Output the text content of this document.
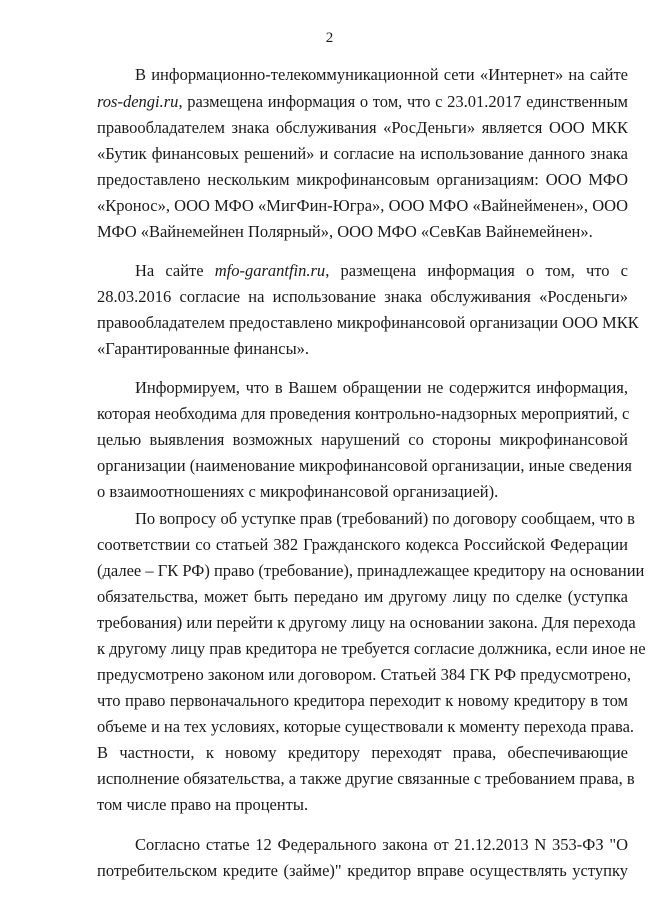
2
В информационно-телекоммуникационной сети «Интернет» на сайте
ros-dengi.ru, размещена информация о том, что с 23.01.2017 единственным
правообладателем знака обслуживания «РосДеньги» является ООО МКК
«Бутик финансовых решений» и согласие на использование данного знака
предоставлено нескольким микрофинансовым организациям: ООО МФО
«Кронос», ООО МФО «МигФин-Югра», ООО МФО «Вайнейменен», ООО
МФО «Вайнемейнен Полярный», ООО МФО «СевКав Вайнемейнен».
На сайте mfo-garantfin.ru, размещена информация о том, что с
28.03.2016 согласие на использование знака обслуживания «Росденьги»
правообладателем предоставлено микрофинансовой организации ООО МКК
«Гарантированные финансы».
Информируем, что в Вашем обращении не содержится информация,
которая необходима для проведения контрольно-надзорных мероприятий, с
целью выявления возможных нарушений со стороны микрофинансовой
организации (наименование микрофинансовой организации, иные сведения
о взаимоотношениях с микрофинансовой организацией).
По вопросу об уступке прав (требований) по договору сообщаем, что в
соответствии со статьей 382 Гражданского кодекса Российской Федерации
(далее – ГК РФ) право (требование), принадлежащее кредитору на основании
обязательства, может быть передано им другому лицу по сделке (уступка
требования) или перейти к другому лицу на основании закона. Для перехода
к другому лицу прав кредитора не требуется согласие должника, если иное не
предусмотрено законом или договором. Статьей 384 ГК РФ предусмотрено,
что право первоначального кредитора переходит к новому кредитору в том
объеме и на тех условиях, которые существовали к моменту перехода права.
В частности, к новому кредитору переходят права, обеспечивающие
исполнение обязательства, а также другие связанные с требованием права, в
том числе право на проценты.
Согласно статье 12 Федерального закона от 21.12.2013 N 353-ФЗ "О
потребительском кредите (займе)" кредитор вправе осуществлять уступку
